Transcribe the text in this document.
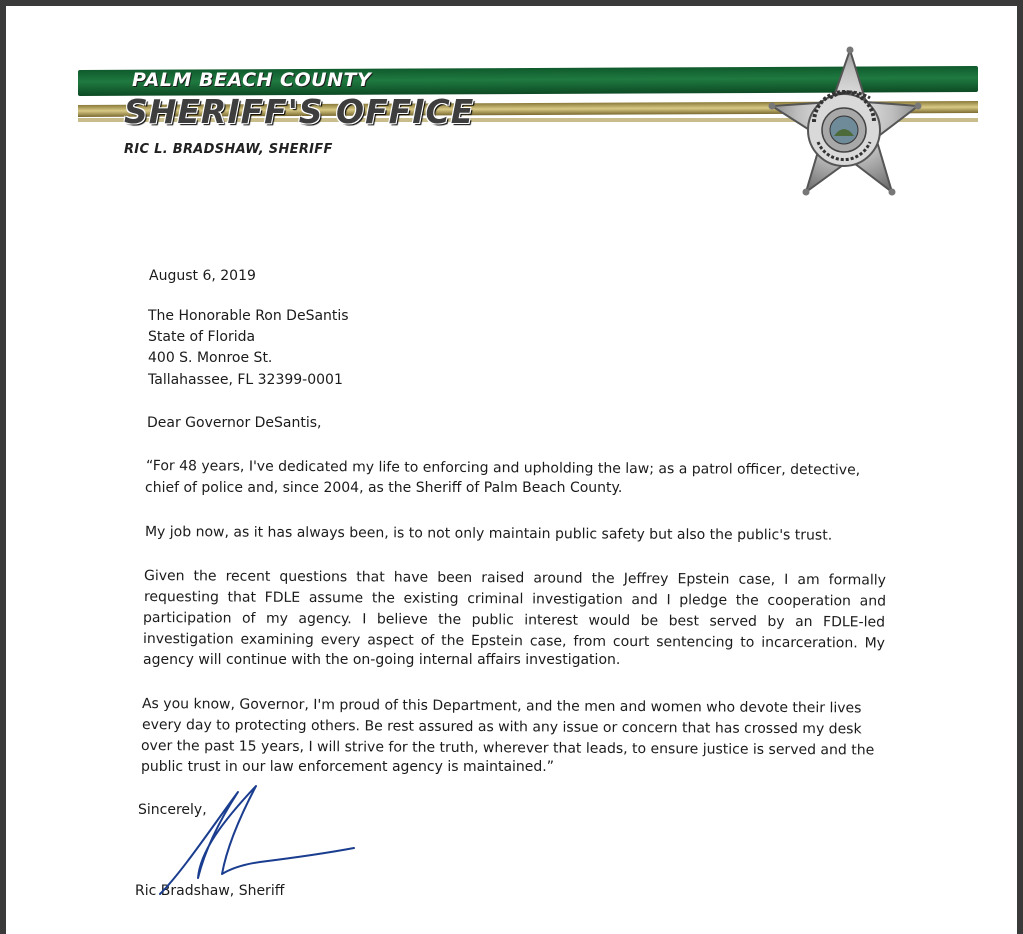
PALM BEACH COUNTY
SHERIFF'S OFFICE
RIC L. BRADSHAW, SHERIFF
August 6, 2019
The Honorable Ron DeSantis
State of Florida
400 S. Monroe St.
Tallahassee, FL 32399-0001
Dear Governor DeSantis,
“For 48 years, I've dedicated my life to enforcing and upholding the law; as a patrol officer, detective,
chief of police and, since 2004, as the Sheriff of Palm Beach County.
My job now, as it has always been, is to not only maintain public safety but also the public's trust.
Given the recent questions that have been raised around the Jeffrey Epstein case, I am formally
requesting that FDLE assume the existing criminal investigation and I pledge the cooperation and
participation of my agency. I believe the public interest would be best served by an FDLE-led
investigation examining every aspect of the Epstein case, from court sentencing to incarceration. My
agency will continue with the on-going internal affairs investigation.
As you know, Governor, I'm proud of this Department, and the men and women who devote their lives
every day to protecting others. Be rest assured as with any issue or concern that has crossed my desk
over the past 15 years, I will strive for the truth, wherever that leads, to ensure justice is served and the
public trust in our law enforcement agency is maintained.”
Sincerely,
Ric Bradshaw, Sheriff
